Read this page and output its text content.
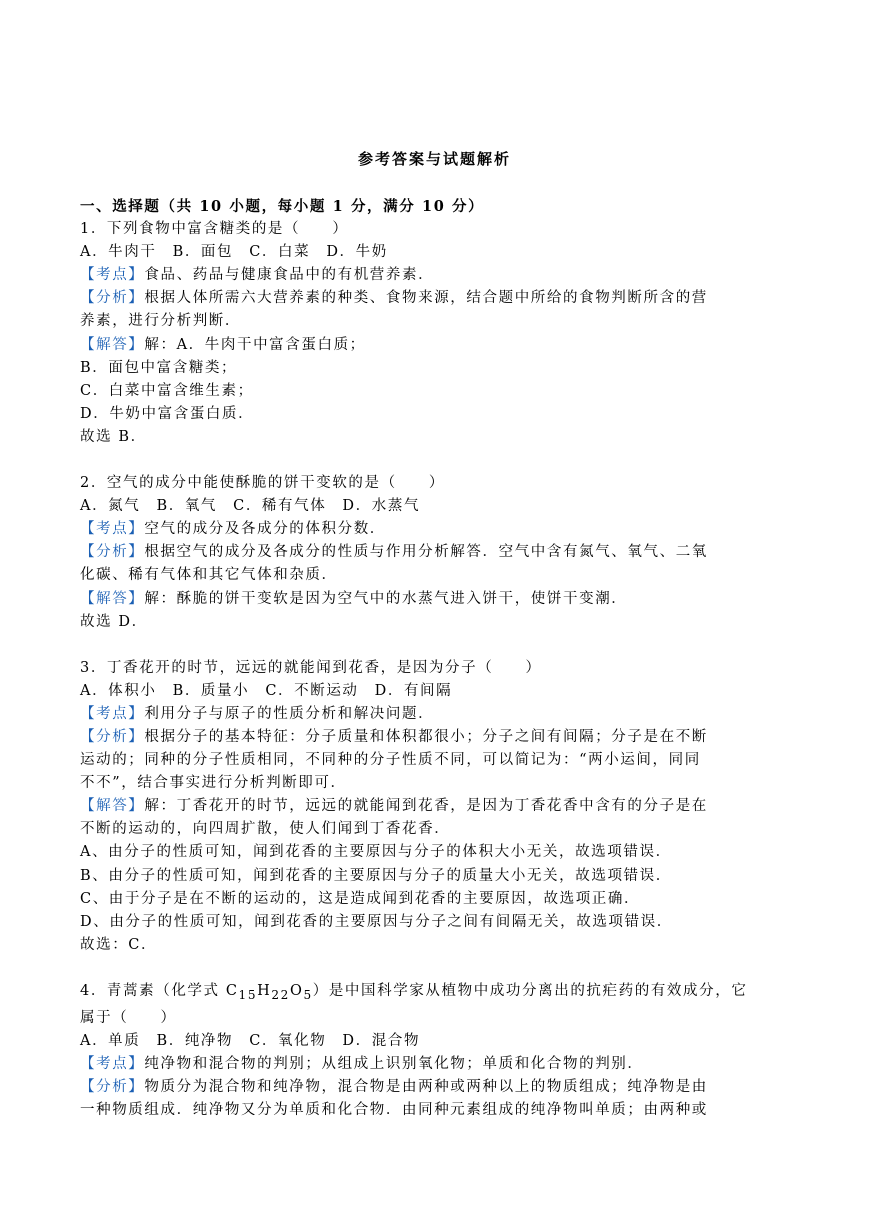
参考答案与试题解析

一、选择题（共 10 小题，每小题 1 分，满分 10 分）

1．下列食物中富含糖类的是（　　）

A．牛肉干　B．面包　C．白菜　D．牛奶

【考点】食品、药品与健康食品中的有机营养素．

【分析】根据人体所需六大营养素的种类、食物来源，结合题中所给的食物判断所含的营

养素，进行分析判断．

【解答】解：A．牛肉干中富含蛋白质；

B．面包中富含糖类；

C．白菜中富含维生素；

D．牛奶中富含蛋白质．

故选 B．

2．空气的成分中能使酥脆的饼干变软的是（　　）

A．氮气　B．氧气　C．稀有气体　D．水蒸气

【考点】空气的成分及各成分的体积分数．

【分析】根据空气的成分及各成分的性质与作用分析解答．空气中含有氮气、氧气、二氧

化碳、稀有气体和其它气体和杂质．

【解答】解：酥脆的饼干变软是因为空气中的水蒸气进入饼干，使饼干变潮．

故选 D．

3．丁香花开的时节，远远的就能闻到花香，是因为分子（　　）

A．体积小　B．质量小　C．不断运动　D．有间隔

【考点】利用分子与原子的性质分析和解决问题．

【分析】根据分子的基本特征：分子质量和体积都很小；分子之间有间隔；分子是在不断

运动的；同种的分子性质相同，不同种的分子性质不同，可以简记为：“两小运间，同同

不不”，结合事实进行分析判断即可．

【解答】解：丁香花开的时节，远远的就能闻到花香，是因为丁香花香中含有的分子是在

不断的运动的，向四周扩散，使人们闻到丁香花香．

A、由分子的性质可知，闻到花香的主要原因与分子的体积大小无关，故选项错误．

B、由分子的性质可知，闻到花香的主要原因与分子的质量大小无关，故选项错误．

C、由于分子是在不断的运动的，这是造成闻到花香的主要原因，故选项正确．

D、由分子的性质可知，闻到花香的主要原因与分子之间有间隔无关，故选项错误．

故选：C．

4．青蒿素（化学式 $C_{15}H_{22}O_5$）是中国科学家从植物中成功分离出的抗疟药的有效成分，它

属于（　　）

A．单质　B．纯净物　C．氧化物　D．混合物

【考点】纯净物和混合物的判别；从组成上识别氧化物；单质和化合物的判别．

【分析】物质分为混合物和纯净物，混合物是由两种或两种以上的物质组成；纯净物是由

一种物质组成．纯净物又分为单质和化合物．由同种元素组成的纯净物叫单质；由两种或
